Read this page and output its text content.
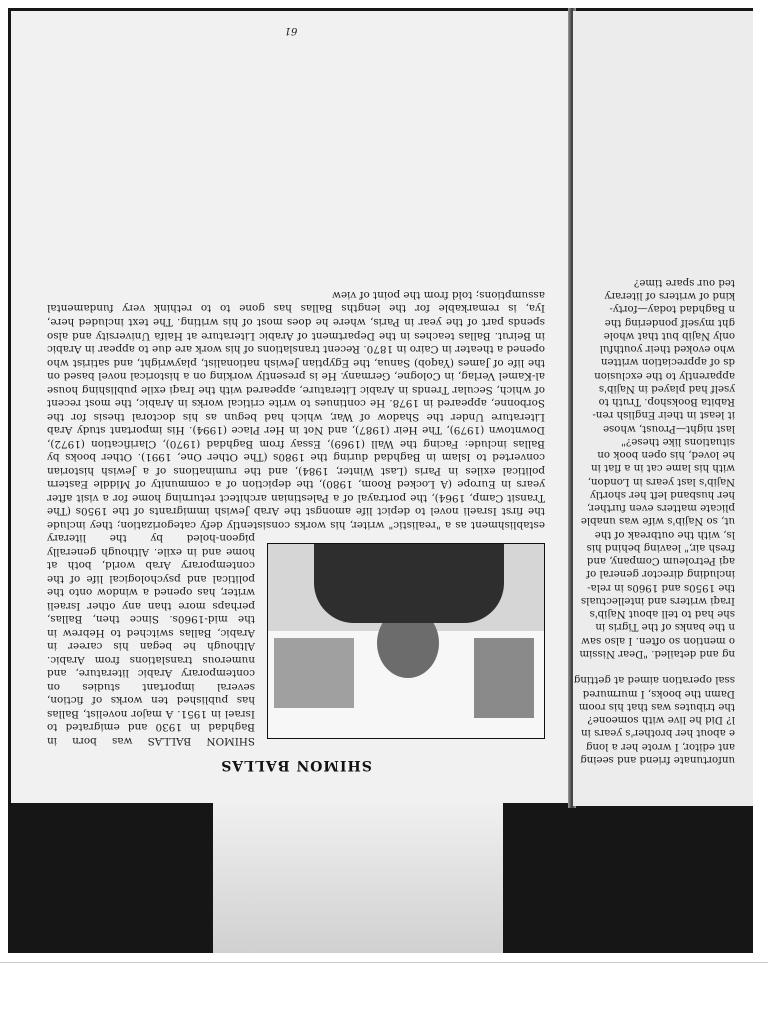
SHIMON BALLAS

SHIMON BALLAS was born in Baghdad in 1930 and emigrated to Israel in 1951. A major novelist, Ballas has published ten works of fiction, several important studies on contemporary Arabic literature, and numerous translations from Arabic. Although he began his career in Arabic, Ballas switched to Hebrew in the mid-1960s. Since then, Ballas, perhaps more than any other Israeli writer, has opened a window onto the political and psychological life of the contemporary Arab world, both at home and in exile. Although generally pigeon-holed by the literary establishment as a "realistic" writer, his works consistently defy categorization; they include the first Israeli novel to depict life amongst the Arab Jewish immigrants of the 1950s (The Transit Camp, 1964), the portrayal of a Palestinian architect returning home for a visit after years in Europe (A Locked Room, 1980), the depiction of a community of Middle Eastern political exiles in Paris (Last Winter, 1984), and the ruminations of a Jewish historian converted to Islam in Baghdad during the 1980s (The Other One, 1991). Other books by Ballas include: Facing the Wall (1969), Essay from Baghdad (1970), Clarification (1972), Downtown (1979), The Heir (1987), and Not in Her Place (1994). His important study Arab Literature Under the Shadow of War, which had begun as his doctoral thesis for the Sorbonne, appeared in 1978. He continues to write critical works in Arabic, the most recent of which, Secular Trends in Arabic Literature, appeared with the Iraqi exile publishing house al-Kamel Verlag, in Cologne, Germany. He is presently working on a historical novel based on the life of James (Yaqob) Sanua, the Egyptian Jewish nationalist, playwright, and satirist who opened a theater in Cairo in 1870. Recent translations of his work are due to appear in Arabic in Beirut. Ballas teaches in the Department of Arabic Literature at Haifa University and also spends part of the year in Paris, where he does most of his writing. The text included here, Iya, is remarkable for the lengths Ballas has gone to to rethink very fundamental assumptions; told from the point of view

61

unfortunate friend and seeing
ant editor, I wrote her a long
e about her brother's years in
l? Did he live with someone?
the tributes was that his room
Damn the books, I murmured
ssal operation aimed at getting

ng and detailed. "Dear Nissim
o mention so often. I also saw
n the banks of the Tigris in
she had to tell about Najib's
Iraqi writers and intellectuals
the 1950s and 1960s in rela-
including director general of
aqi Petroleum Company, and
fresh air," leaving behind his
ls, with the outbreak of the
ut, so Najib's wife was unable
plicate matters even further,
her husband left her shortly
Najib's last years in London,
with his lame cat in a flat in
he loved, his open book on
situations like these?"
last night—Proust, whose
it least in their English ren-
Rabita Bookshop. Truth to
yself had played in Najib's
apparently to the exclusion
ds of appreciation written
who evoked their youthful
only Najib but that whole
ght myself pondering the
n Baghdad today—forty-
kind of writers of literary
ted our spare time?
